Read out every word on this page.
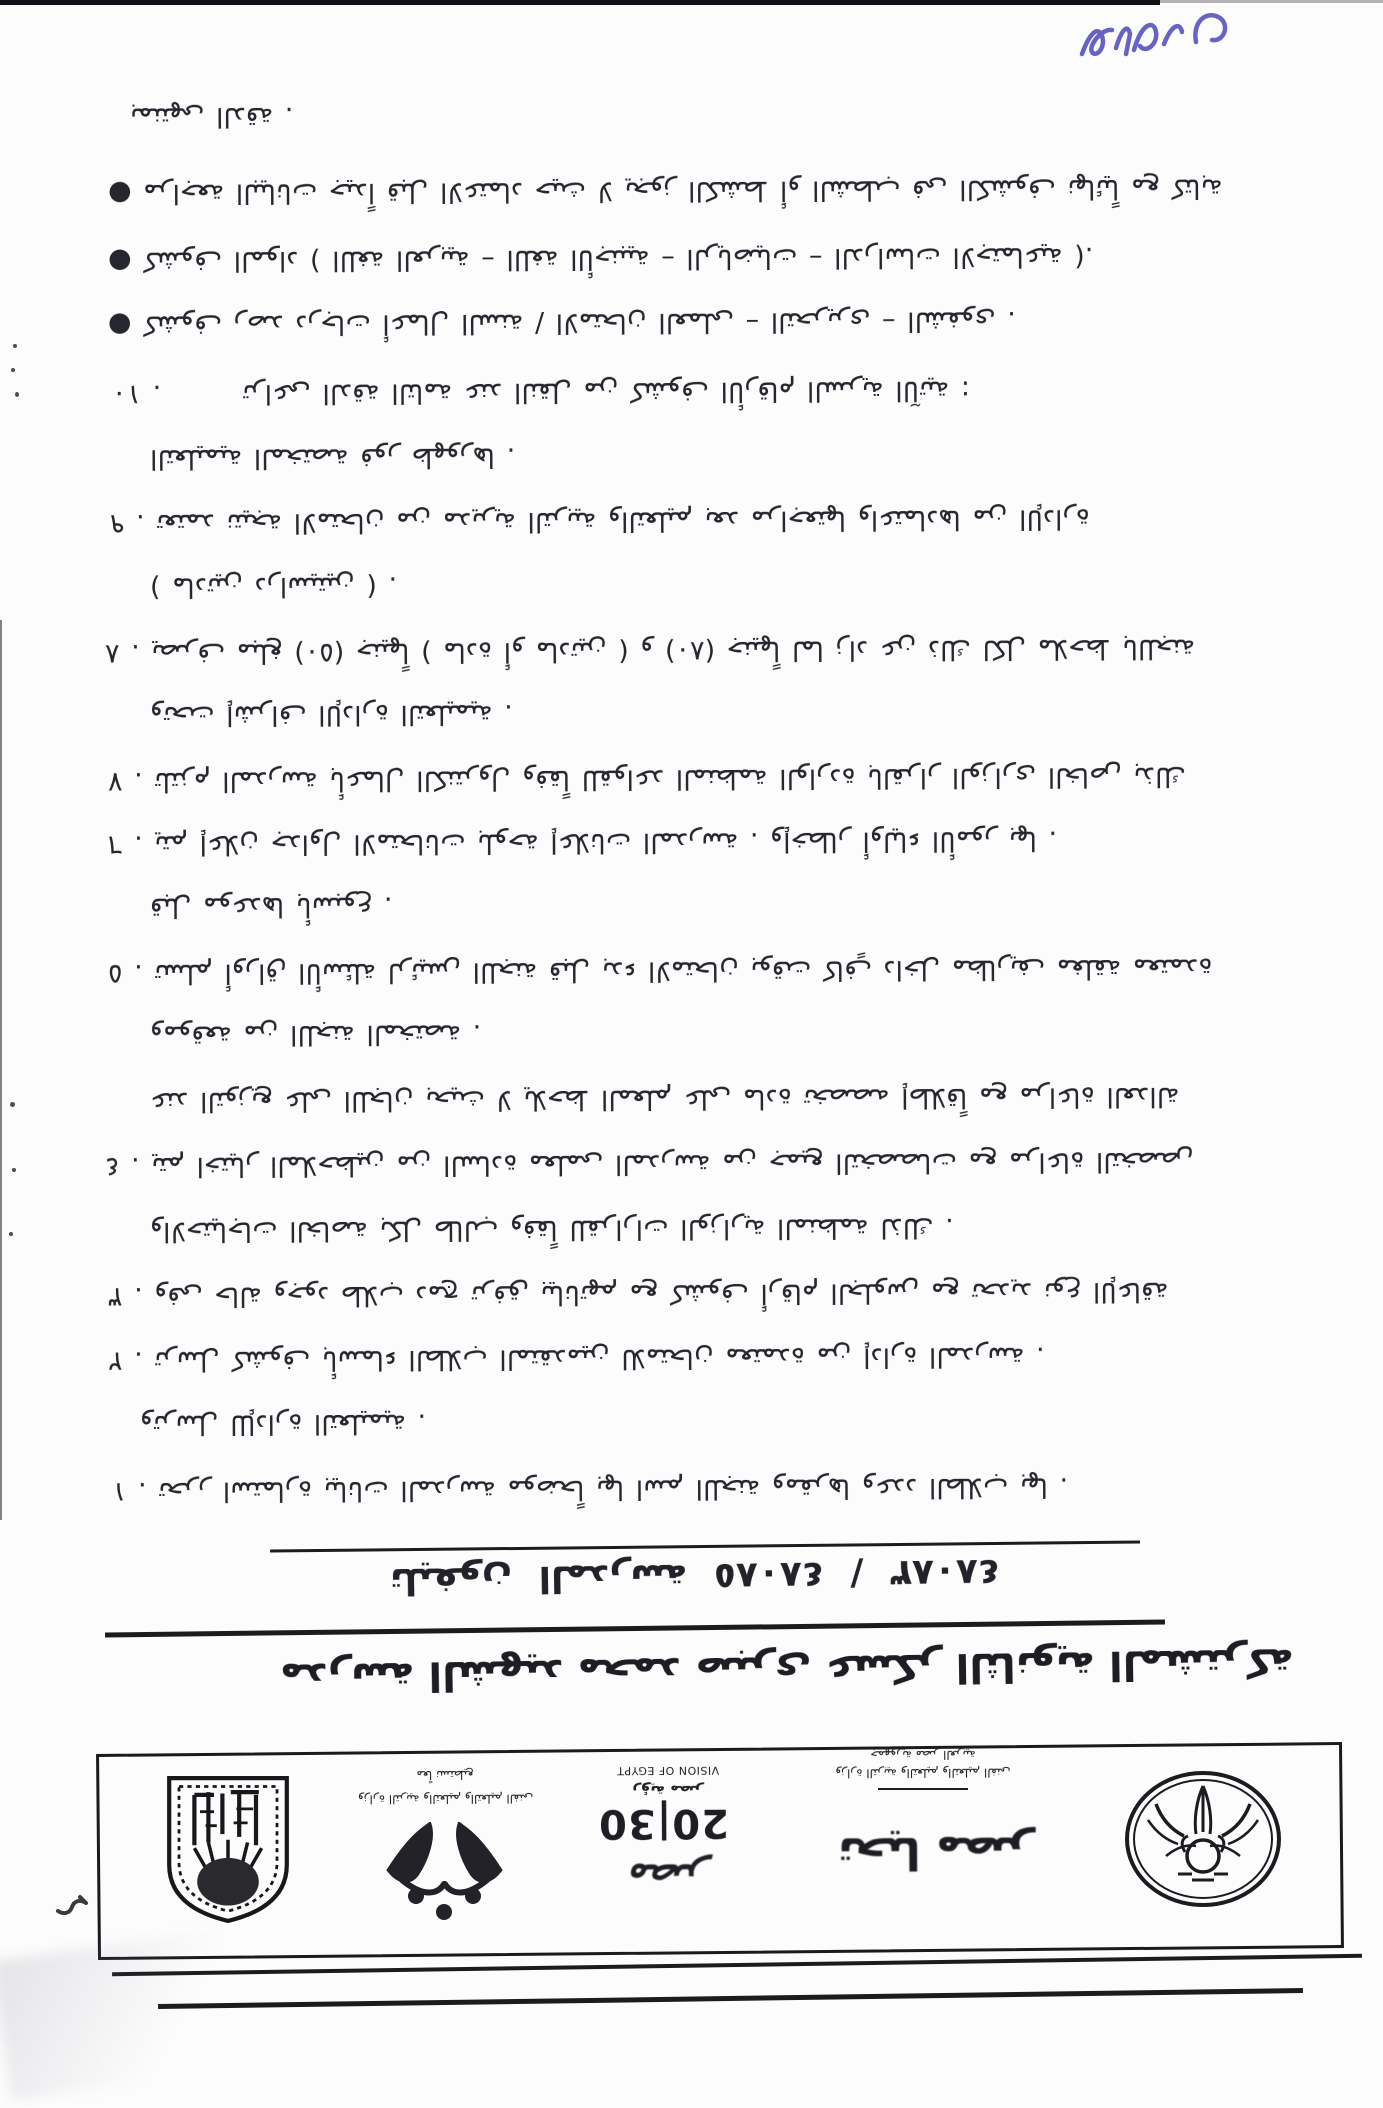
بمنتهى الدقة .
● مراجعة البيانات جيداً قبل الاعتماد حيث لا يجوز الكشط أو الشطب فى الكشوف نهائياً مع كتابة
● كشوف المواد ( اللغة العربية – اللغة الأجنبية – الرياضيات – الدراسات الاجتماعية ).
● كشوف رصد درجات أعمال السنة / الامتحان العملى – التحريرى – الشفوى .
١٠ .       تراعى الدقة التامة عند النقل من كشوف الأرقام السرية الآتية :
التعليمية المختصة فور ظهورها .
٩ . تعتمد نتيجة الامتحان من مديرية التربية والتعليم بعد مراجعتها واعتمادها من الإدارة
( مادتين دراسيتين ) .
٨ . يصرف مبلغ (٥٠) جنيهاً ( مادة أو مادتين ) و (٨٠) جنيهاً لما زاد عن ذلك لكل ملاحظ باللجنة
وتحت إشراف الإدارة التعليمية .
٧ . تلتزم المدرسة بأعمال الكنترول وفقاً للقواعد المنظمة الواردة بالقرار الوزارى الخاص بذلك
٦ . يتم إعلان جداول الامتحانات بلوحة إعلانات المدرسة . وإخطار أولياء الأمور بها .
قبل موعدها بأسبوع .
٥ . تسلم أوراق الأسئلة لرئيس اللجنة قبل بدء الامتحان بوقت كافٍ داخل مظاريف مغلقة معتمدة
وموقعة من اللجنة المختصة .
عند التوزيع على اللجان بحيث لا يلاحظ المعلم على مادة تخصصه إطلاقاً مع مراعاة العدالة
٤ . يتم اختيار الملاحظين من السادة معلمى المدرسة من جميع التخصصات مع مراعاة التخصص
والاحتياجات الخاصة بكل طالب وفقاً للقرارات الوزارية المنظمة لذلك .
٣ . وفى حالة وجود طلاب دمج ترفق بياناتهم مع كشوف أرقام الجلوس مع تحديد نوع الإعاقة
٢ . ترسل كشوف بأسماء الطلاب المتقدمين للامتحان معتمدة من إدارة المدرسة .
وترسل للإدارة التعليمية .
١ . تحرر استمارة بيانات المدرسة موضحاً بها اسم اللجنة ومقرها وعدد الطلاب بها .
تليفون المدرسة ٤٨٠٨٥ / ٤٨٠٨٣
مدرسة الشهيد محمد صبرى عسكر الثانوية المشتركة
معاً نستطيع
وزارة التربية والتعليم والتعليم الفنى
VISION OF EGYPT
رؤية مصر
20|30
مصر
جمهورية مصر العربية
وزارة التربية والتعليم والتعليم الفنى
تحيا مصر
